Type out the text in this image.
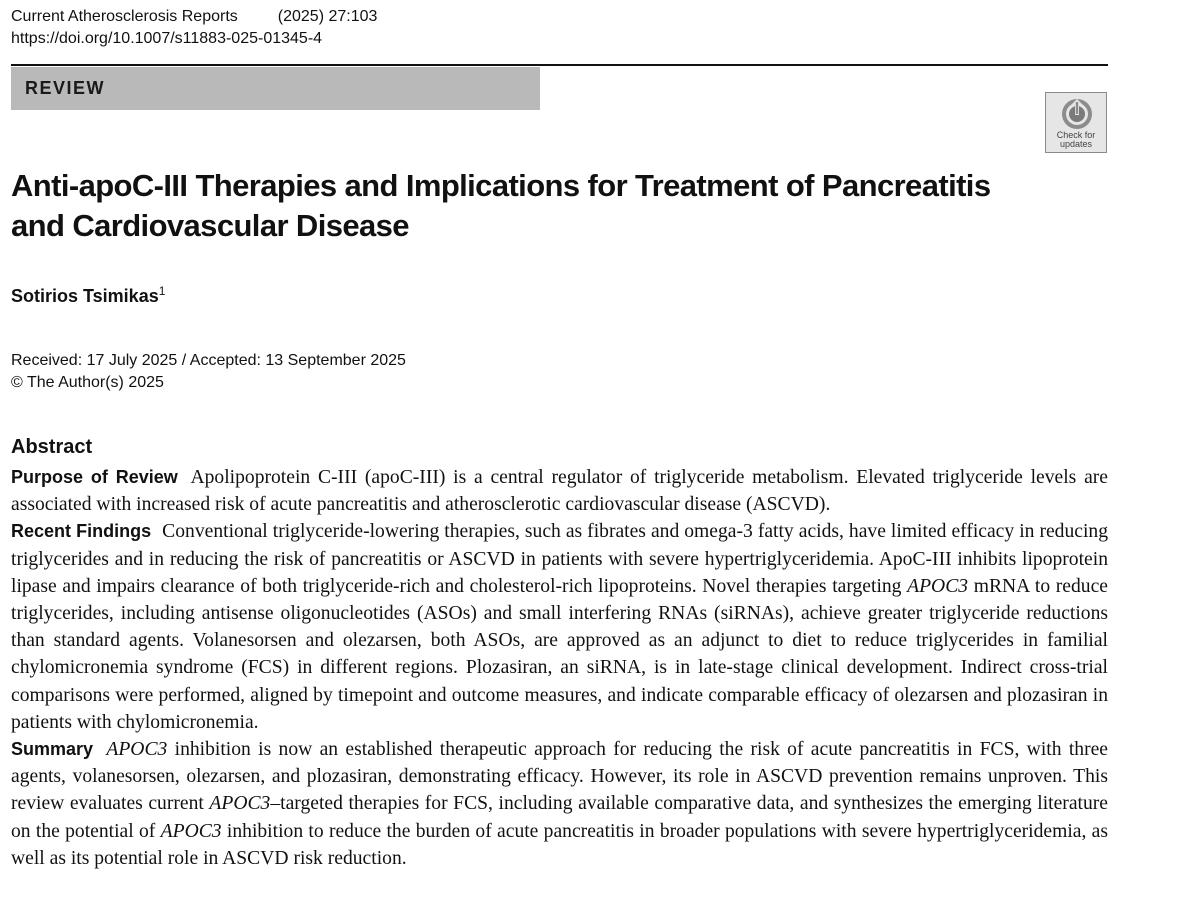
Current Atherosclerosis Reports	(2025) 27:103
https://doi.org/10.1007/s11883-025-01345-4
REVIEW
Check for
updates
Anti-apoC-III Therapies and Implications for Treatment of Pancreatitis
and Cardiovascular Disease
Sotirios Tsimikas$^1$
Received: 17 July 2025 / Accepted: 13 September 2025
© The Author(s) 2025
Abstract

Purpose of Review Apolipoprotein C-III (apoC-III) is a central regulator of triglyceride metabolism. Elevated triglyceride levels are associated with increased risk of acute pancreatitis and atherosclerotic cardiovascular disease (ASCVD).

Recent Findings Conventional triglyceride-lowering therapies, such as fibrates and omega-3 fatty acids, have limited efficacy in reducing triglycerides and in reducing the risk of pancreatitis or ASCVD in patients with severe hypertriglyceridemia. ApoC-III inhibits lipoprotein lipase and impairs clearance of both triglyceride-rich and cholesterol-rich lipoproteins. Novel therapies targeting APOC3 mRNA to reduce triglycerides, including antisense oligonucleotides (ASOs) and small interfering RNAs (siRNAs), achieve greater triglyceride reductions than standard agents. Volanesorsen and olezarsen, both ASOs, are approved as an adjunct to diet to reduce triglycerides in familial chylomicronemia syndrome (FCS) in different regions. Plozasiran, an siRNA, is in late-stage clinical development. Indirect cross-trial comparisons were performed, aligned by timepoint and outcome measures, and indicate comparable efficacy of olezarsen and plozasiran in patients with chylomicronemia.

Summary APOC3 inhibition is now an established therapeutic approach for reducing the risk of acute pancreatitis in FCS, with three agents, volanesorsen, olezarsen, and plozasiran, demonstrating efficacy. However, its role in ASCVD prevention remains unproven. This review evaluates current APOC3–targeted therapies for FCS, including available comparative data, and synthesizes the emerging literature on the potential of APOC3 inhibition to reduce the burden of acute pancreatitis in broader populations with severe hypertriglyceridemia, as well as its potential role in ASCVD risk reduction.
